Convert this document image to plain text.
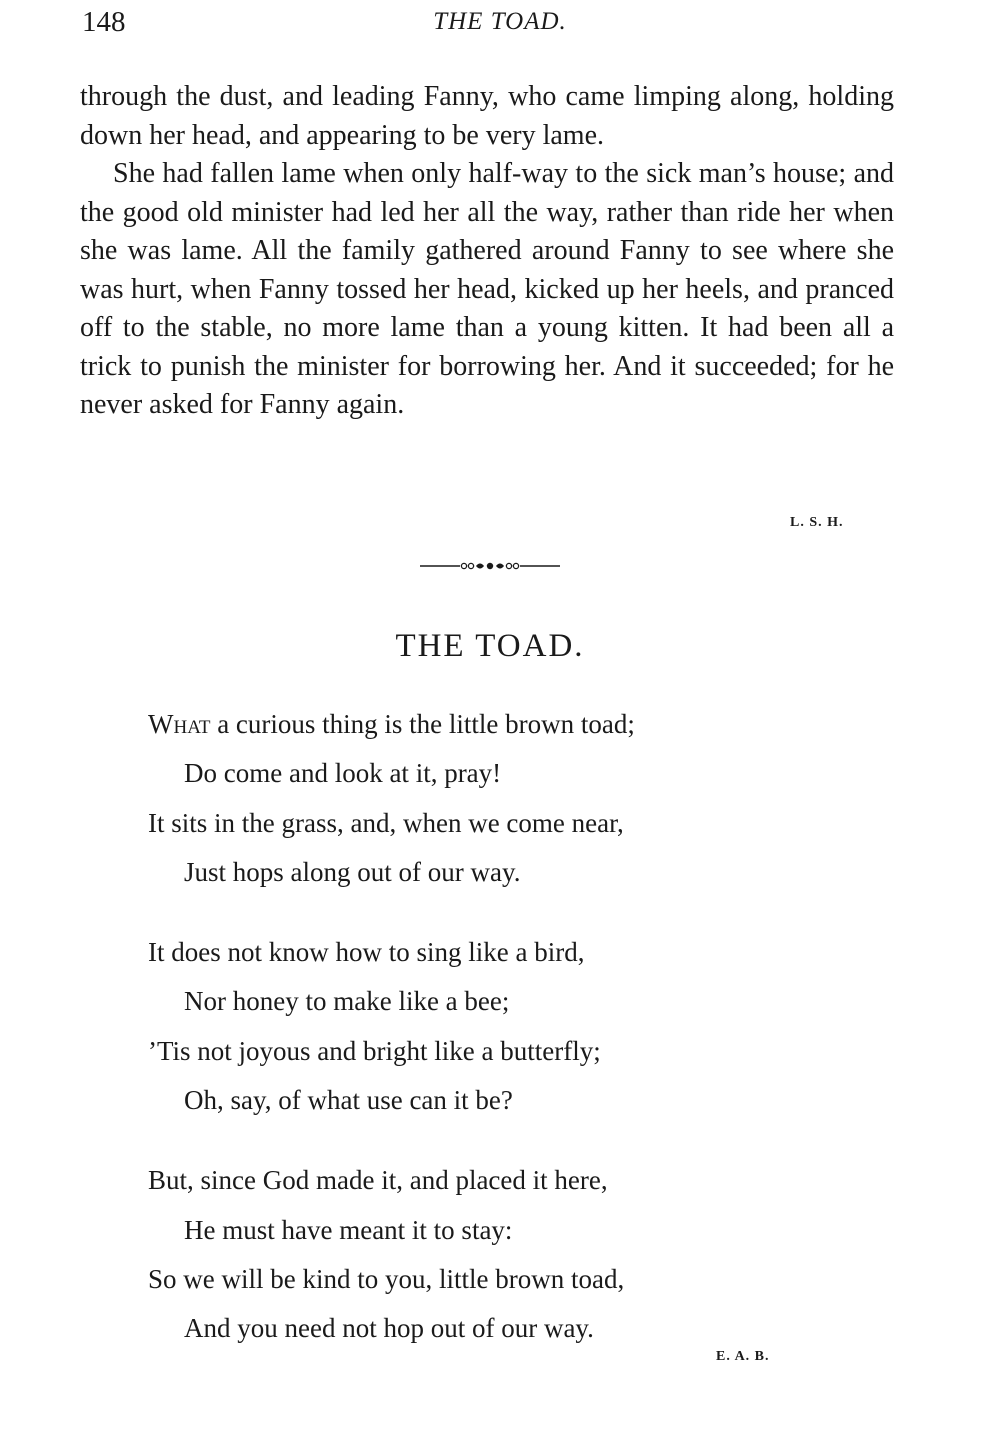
148	THE TOAD.

through the dust, and leading Fanny, who came limping along, holding down her head, and appearing to be very lame.

She had fallen lame when only half-way to the sick man’s house; and the good old minister had led her all the way, rather than ride her when she was lame. All the family gathered around Fanny to see where she was hurt, when Fanny tossed her head, kicked up her heels, and pranced off to the stable, no more lame than a young kitten. It had been all a trick to punish the minister for borrowing her. And it succeeded; for he never asked for Fanny again.

L. S. H.
THE TOAD.
What a curious thing is the little brown toad;
Do come and look at it, pray!
It sits in the grass, and, when we come near,
Just hops along out of our way.
It does not know how to sing like a bird,
Nor honey to make like a bee;
’Tis not joyous and bright like a butterfly;
Oh, say, of what use can it be?
But, since God made it, and placed it here,
He must have meant it to stay:
So we will be kind to you, little brown toad,
And you need not hop out of our way.
E. A. B.
